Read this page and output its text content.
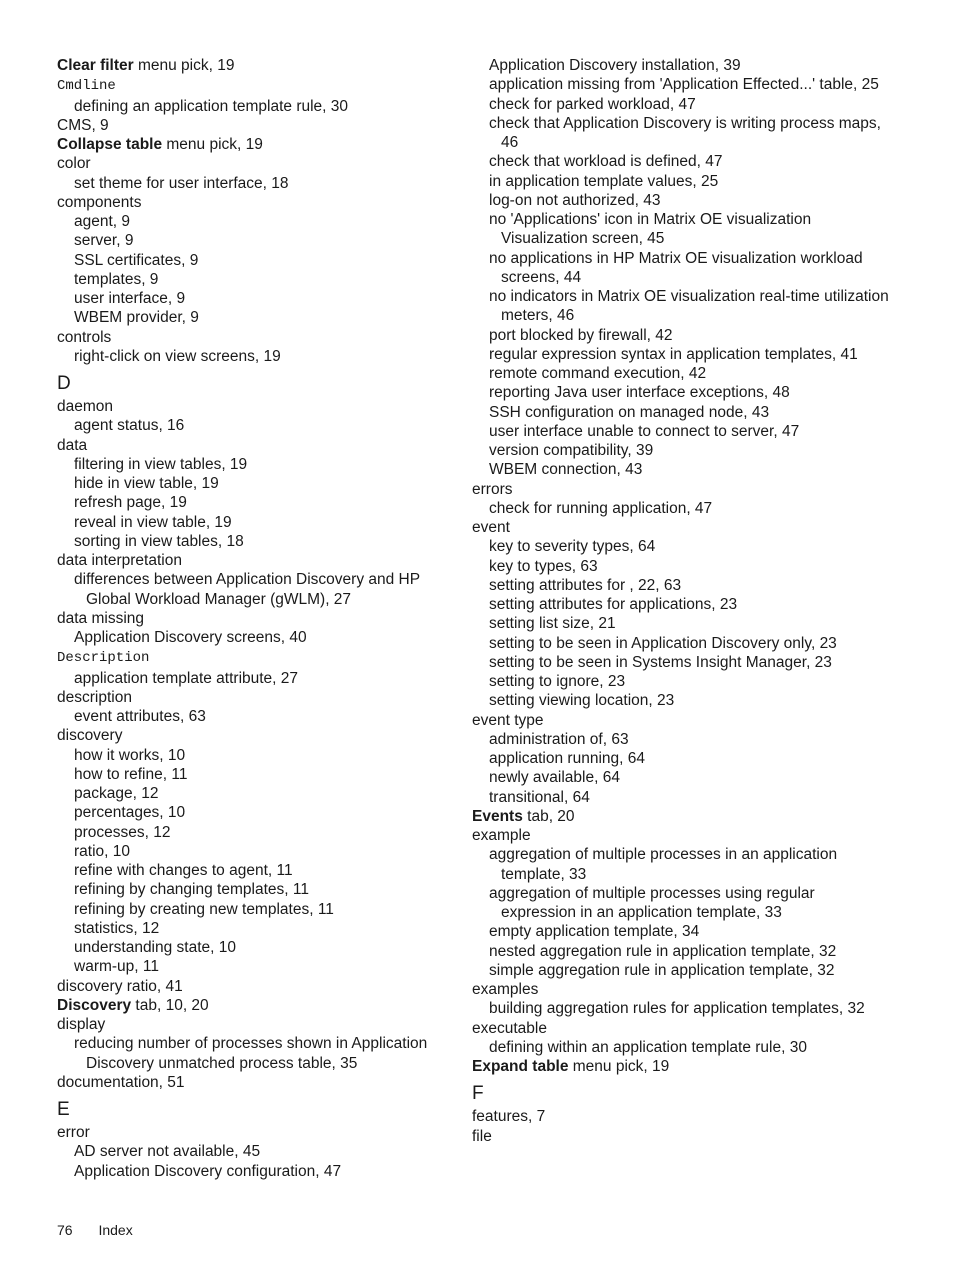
Clear filter menu pick, 19
Cmdline
defining an application template rule, 30
CMS, 9
Collapse table menu pick, 19
color
set theme for user interface, 18
components
agent, 9
server, 9
SSL certificates, 9
templates, 9
user interface, 9
WBEM provider, 9
controls
right-click on view screens, 19
D
daemon
agent status, 16
data
filtering in view tables, 19
hide in view table, 19
refresh page, 19
reveal in view table, 19
sorting in view tables, 18
data interpretation
differences between Application Discovery and HP Global Workload Manager (gWLM), 27
data missing
Application Discovery screens, 40
Description
application template attribute, 27
description
event attributes, 63
discovery
how it works, 10
how to refine, 11
package, 12
percentages, 10
processes, 12
ratio, 10
refine with changes to agent, 11
refining by changing templates, 11
refining by creating new templates, 11
statistics, 12
understanding state, 10
warm-up, 11
discovery ratio, 41
Discovery tab, 10, 20
display
reducing number of processes shown in Application Discovery unmatched process table, 35
documentation, 51
E
error
AD server not available, 45
Application Discovery configuration, 47
Application Discovery installation, 39
application missing from 'Application Effected...' table, 25
check for parked workload, 47
check that Application Discovery is writing process maps, 46
check that workload is defined, 47
in application template values, 25
log-on not authorized, 43
no 'Applications' icon in Matrix OE visualization Visualization screen, 45
no applications in HP Matrix OE visualization workload screens, 44
no indicators in Matrix OE visualization real-time utilization meters, 46
port blocked by firewall, 42
regular expression syntax in application templates, 41
remote command execution, 42
reporting Java user interface exceptions, 48
SSH configuration on managed node, 43
user interface unable to connect to server, 47
version compatibility, 39
WBEM connection, 43
errors
check for running application, 47
event
key to severity types, 64
key to types, 63
setting attributes for , 22, 63
setting attributes for applications, 23
setting list size, 21
setting to be seen in Application Discovery only, 23
setting to be seen in Systems Insight Manager, 23
setting to ignore, 23
setting viewing location, 23
event type
administration of, 63
application running, 64
newly available, 64
transitional, 64
Events tab, 20
example
aggregation of multiple processes in an application template, 33
aggregation of multiple processes using regular expression in an application template, 33
empty application template, 34
nested aggregation rule in application template, 32
simple aggregation rule in application template, 32
examples
building aggregation rules for application templates, 32
executable
defining within an application template rule, 30
Expand table menu pick, 19
F
features, 7
file
76 Index
